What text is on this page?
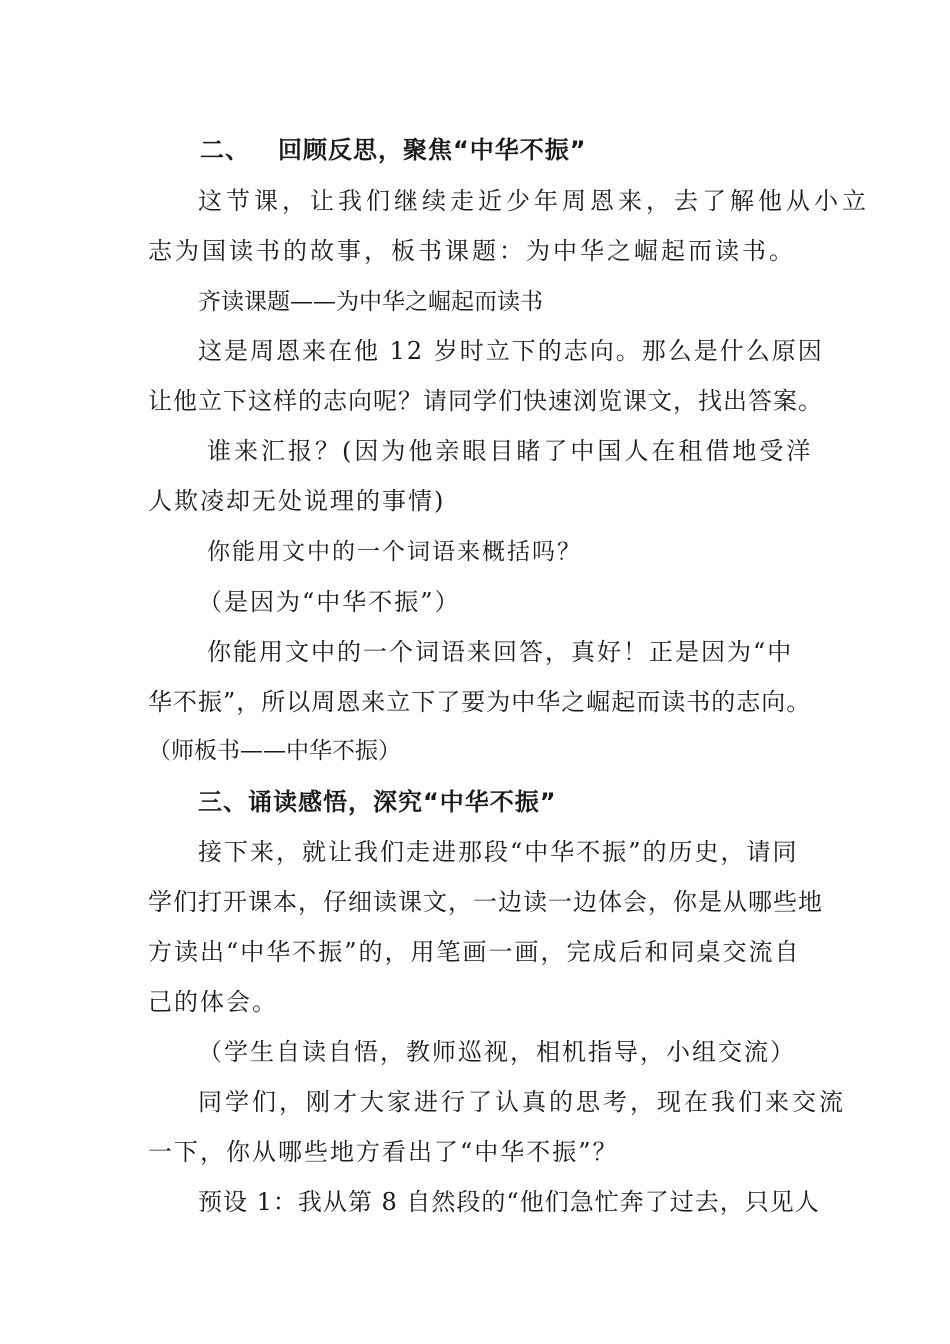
二、 回顾反思，聚焦“中华不振”
这节课，让我们继续走近少年周恩来，去了解他从小立
志为国读书的故事，板书课题：为中华之崛起而读书。
齐读课题——为中华之崛起而读书
这是周恩来在他 12 岁时立下的志向。那么是什么原因
让他立下这样的志向呢？请同学们快速浏览课文，找出答案。
谁来汇报？(因为他亲眼目睹了中国人在租借地受洋
人欺凌却无处说理的事情)
你能用文中的一个词语来概括吗？
（是因为“中华不振”）
你能用文中的一个词语来回答，真好！正是因为“中
华不振”，所以周恩来立下了要为中华之崛起而读书的志向。
（师板书——中华不振）
三、诵读感悟，深究“中华不振”
接下来，就让我们走进那段“中华不振”的历史，请同
学们打开课本，仔细读课文，一边读一边体会，你是从哪些地
方读出“中华不振”的，用笔画一画，完成后和同桌交流自
己的体会。
（学生自读自悟，教师巡视，相机指导，小组交流）
同学们，刚才大家进行了认真的思考，现在我们来交流
一下，你从哪些地方看出了“中华不振”？
预设 1：我从第 8 自然段的“他们急忙奔了过去，只见人
